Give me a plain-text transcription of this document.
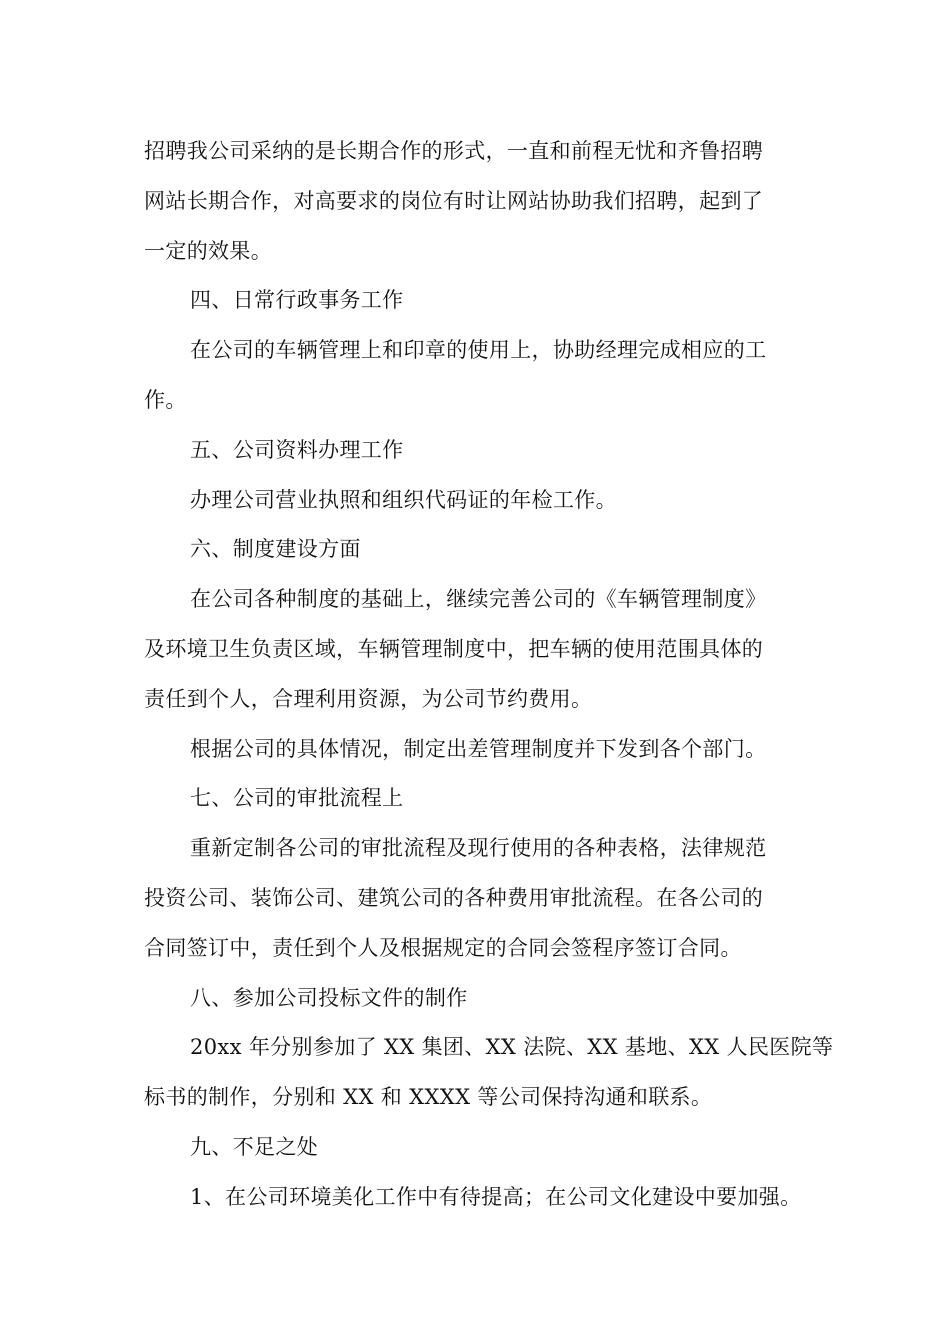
招聘我公司采纳的是长期合作的形式，一直和前程无忧和齐鲁招聘
网站长期合作，对高要求的岗位有时让网站协助我们招聘，起到了
一定的效果。
四、日常行政事务工作
在公司的车辆管理上和印章的使用上，协助经理完成相应的工
作。
五、公司资料办理工作
办理公司营业执照和组织代码证的年检工作。
六、制度建设方面
在公司各种制度的基础上，继续完善公司的《车辆管理制度》
及环境卫生负责区域，车辆管理制度中，把车辆的使用范围具体的
责任到个人，合理利用资源，为公司节约费用。
根据公司的具体情况，制定出差管理制度并下发到各个部门。
七、公司的审批流程上
重新定制各公司的审批流程及现行使用的各种表格，法律规范
投资公司、装饰公司、建筑公司的各种费用审批流程。在各公司的
合同签订中，责任到个人及根据规定的合同会签程序签订合同。
八、参加公司投标文件的制作
20xx 年分别参加了 XX 集团、XX 法院、XX 基地、XX 人民医院等
标书的制作，分别和 XX 和 XXXX 等公司保持沟通和联系。
九、不足之处
1、在公司环境美化工作中有待提高；在公司文化建设中要加强。
